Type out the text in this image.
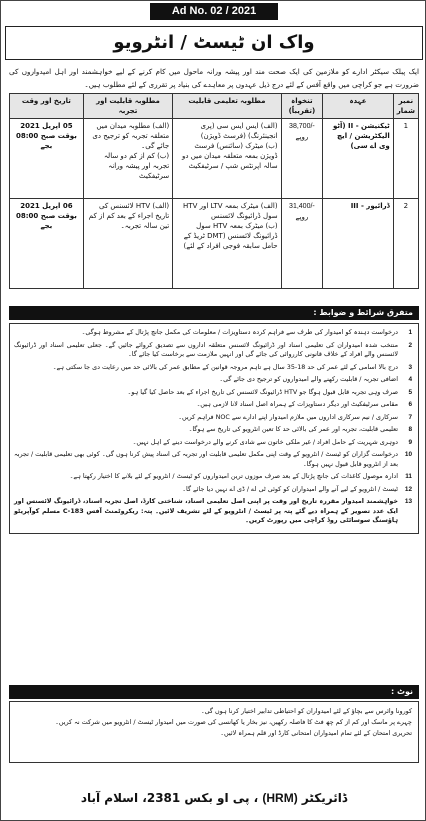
Ad No. 02 / 2021
واک ان ٹیسٹ / انٹرویو
ایک پبلک سیکٹر ادارے کو ملازمین کی ایک صحت مند اور پیشہ ورانہ ماحول میں کام کرنے کے لیے خواہشمند اور اہل امیدواروں کی ضرورت ہے جو کراچی میں واقع آفس کے لئے درج ذیل عہدوں پر معاہدے کی بنیاد پر تقرری کے لئے مطلوب ہیں۔
نمبر شمار	عہدہ	تنخواہ (تقریباً)	مطلوبہ تعلیمی قابلیت	مطلوبہ قابلیت اور تجربہ	تاریخ اور وقت
1	ٹیکنیشن - II (آٹو الیکٹریشن / ایچ وی اے سی)	38,700/-
روپے	(الف) ایس ایس سی (پری انجینئرنگ) (فرسٹ ڈویژن)
(ب) میٹرک (سائنس) فرسٹ ڈویژن بمعہ متعلقہ میدان میں دو سالہ اپرنٹس شپ / سرٹیفکیٹ	(الف) مطلوبہ میدان میں متعلقہ تجربہ کو ترجیح دی جائے گی۔
(ب) کم از کم دو سالہ تجربہ اور پیشہ ورانہ سرٹیفکیٹ	05 اپریل 2021
بوقت صبح 08:00 بجے

2	ڈرائیور - III	31,400/-
روپے	(الف) میٹرک بمعہ LTV اور HTV سول ڈرائیونگ لائسنس
(ب) میٹرک بمعہ HTV سول ڈرائیونگ لائسنس (DMT ٹریڈ کے حامل سابقہ فوجی افراد کے لئے)	(الف) HTV لائسنس کی تاریخ اجراء کے بعد کم از کم تین سالہ تجربہ۔	06 اپریل 2021
بوقت صبح 08:00 بجے
متفرق شرائط و ضوابط :
1
درخواست دہندہ کو امیدوار کی طرف سے فراہم کردہ دستاویزات / معلومات کی مکمل جانچ پڑتال کے مشروط ہوگی۔
2
منتخب شدہ امیدواران کی تعلیمی اسناد اور ڈرائیونگ لائسنس متعلقہ اداروں سے تصدیق کروائے جائیں گے۔ جعلی تعلیمی اسناد اور ڈرائیونگ لائسنس والے افراد کے خلاف قانونی کارروائی کی جائے گی اور انہیں ملازمت سے برخاست کیا جائے گا۔
3
درج بالا اسامی کے لئے عمر کی حد 18-35 سال ہے تاہم مروجہ قوانین کے مطابق عمر کی بالائی حد میں رعایت دی جا سکتی ہے۔
4
اضافی تجربہ / قابلیت رکھنے والے امیدواروں کو ترجیح دی جائے گی۔
5
صرف وہی تجربہ قابل قبول ہوگا جو HTV ڈرائیونگ لائسنس کی تاریخ اجراء کے بعد حاصل کیا گیا ہو۔
6
مقامی سرٹیفکیٹ اور دیگر دستاویزات کے ہمراہ اصل اسناد لانا لازمی ہیں۔
7
سرکاری / نیم سرکاری اداروں میں ملازم امیدوار اپنے ادارے سے NOC فراہم کریں۔
8
تعلیمی قابلیت، تجربہ اور عمر کی بالائی حد کا تعین انٹرویو کی تاریخ سے ہوگا۔
9
دوہری شہریت کے حامل افراد / غیر ملکی خاتون سے شادی کرنے والے درخواست دینے کے اہل نہیں۔
10
درخواست گزاران کو ٹیسٹ / انٹرویو کے وقت اپنی مکمل تعلیمی قابلیت اور تجربہ کی اسناد پیش کرنا ہوں گی۔ کوئی بھی تعلیمی قابلیت / تجربہ بعد از انٹرویو قابل قبول نہیں ہوگا۔
11
ادارہ موصول کاغذات کی جانچ پڑتال کے بعد صرف موزوں ترین امیدواروں کو ٹیسٹ / انٹرویو کے لئے بلانے کا اختیار رکھتا ہے۔
12
ٹیسٹ / انٹرویو کے لیے آنے والے امیدواران کو کوئی ٹی اے / ڈی اے نہیں دیا جائے گا۔
13
خواہشمند امیدوار مقررہ تاریخ اور وقت پر اپنی اصل تعلیمی اسناد، شناختی کارڈ، اصل تجربہ اسناد، ڈرائیونگ لائسنس اور ایک عدد تصویر کے ہمراہ دیے گئے پتہ پر ٹیسٹ / انٹرویو کے لئے تشریف لائیں۔ پتہ: ریکروٹمنٹ آفس C-183 مسلم کوآپریٹو ہاؤسنگ سوسائٹی روڈ کراچی میں رپورٹ کریں۔
نوٹ :
کورونا وائرس سے بچاؤ کے لئے امیدواران کو احتیاطی تدابیر اختیار کرنا ہوں گی۔
چہرے پر ماسک اور کم از کم چھ فٹ کا فاصلہ رکھیں، نیز بخار یا کھانسی کی صورت میں امیدوار ٹیسٹ / انٹرویو میں شرکت نہ کریں۔
تحریری امتحان کے لئے تمام امیدواران امتحانی کارڈ اور قلم ہمراہ لائیں۔
ڈائریکٹر (HRM) ، پی او بکس 2381، اسلام آباد
